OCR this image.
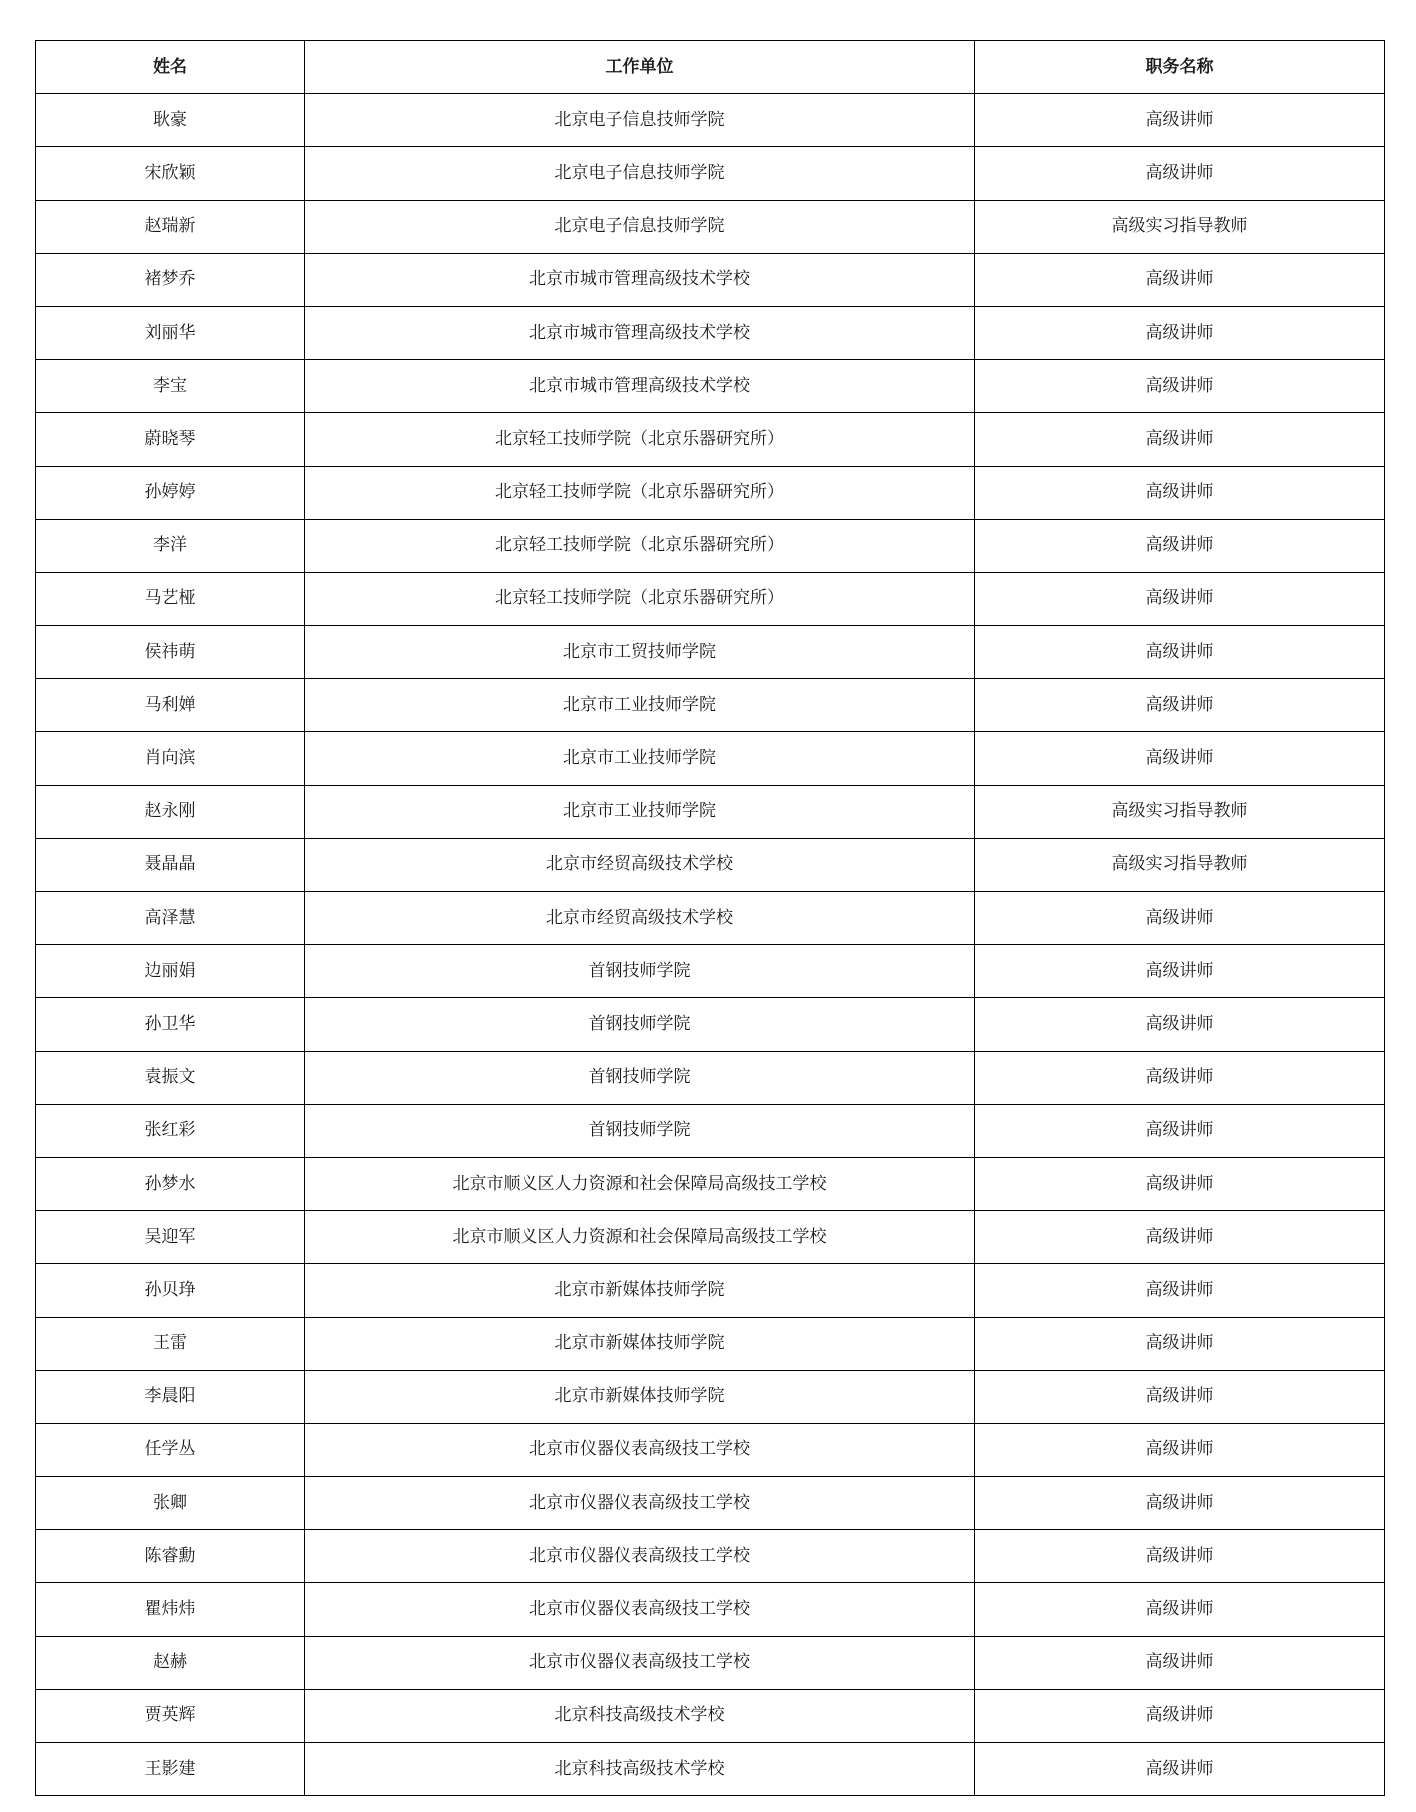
姓名	工作单位	职务名称
耿豪	北京电子信息技师学院	高级讲师
宋欣颖	北京电子信息技师学院	高级讲师
赵瑞新	北京电子信息技师学院	高级实习指导教师
褚梦乔	北京市城市管理高级技术学校	高级讲师
刘丽华	北京市城市管理高级技术学校	高级讲师
李宝	北京市城市管理高级技术学校	高级讲师
蔚晓琴	北京轻工技师学院（北京乐器研究所）	高级讲师
孙婷婷	北京轻工技师学院（北京乐器研究所）	高级讲师
李洋	北京轻工技师学院（北京乐器研究所）	高级讲师
马艺桠	北京轻工技师学院（北京乐器研究所）	高级讲师
侯祎萌	北京市工贸技师学院	高级讲师
马利婵	北京市工业技师学院	高级讲师
肖向滨	北京市工业技师学院	高级讲师
赵永刚	北京市工业技师学院	高级实习指导教师
聂晶晶	北京市经贸高级技术学校	高级实习指导教师
高泽慧	北京市经贸高级技术学校	高级讲师
边丽娟	首钢技师学院	高级讲师
孙卫华	首钢技师学院	高级讲师
袁振文	首钢技师学院	高级讲师
张红彩	首钢技师学院	高级讲师
孙梦水	北京市顺义区人力资源和社会保障局高级技工学校	高级讲师
吴迎军	北京市顺义区人力资源和社会保障局高级技工学校	高级讲师
孙贝琤	北京市新媒体技师学院	高级讲师
王雷	北京市新媒体技师学院	高级讲师
李晨阳	北京市新媒体技师学院	高级讲师
任学丛	北京市仪器仪表高级技工学校	高级讲师
张卿	北京市仪器仪表高级技工学校	高级讲师
陈睿勳	北京市仪器仪表高级技工学校	高级讲师
瞿炜炜	北京市仪器仪表高级技工学校	高级讲师
赵赫	北京市仪器仪表高级技工学校	高级讲师
贾英辉	北京科技高级技术学校	高级讲师
王影建	北京科技高级技术学校	高级讲师
